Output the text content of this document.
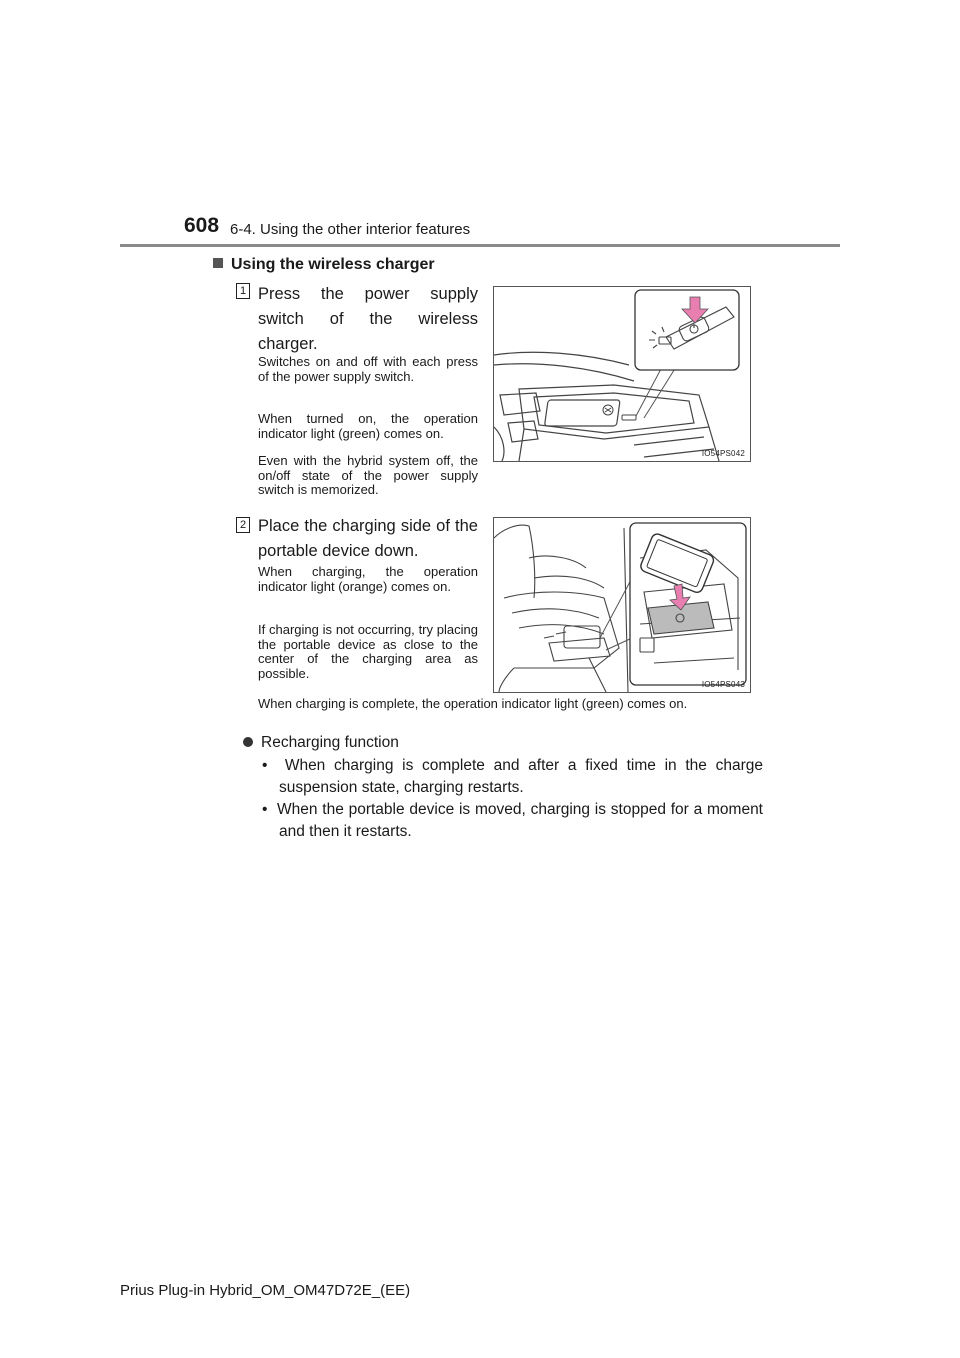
608 6-4. Using the other interior features
Using the wireless charger
1 Press the power supply switch of the wireless charger.
Switches on and off with each press of the power supply switch.
When turned on, the operation indicator light (green) comes on.
Even with the hybrid system off, the on/off state of the power supply switch is memorized.
IO54PS042
2 Place the charging side of the portable device down.
When charging, the operation indicator light (orange) comes on.
If charging is not occurring, try placing the portable device as close to the center of the charging area as possible.
IO54PS043
When charging is complete, the operation indicator light (green) comes on.
Recharging function
•  When charging is complete and after a fixed time in the charge suspension state, charging restarts.
•  When the portable device is moved, charging is stopped for a moment and then it restarts.
Prius Plug-in Hybrid_OM_OM47D72E_(EE)
